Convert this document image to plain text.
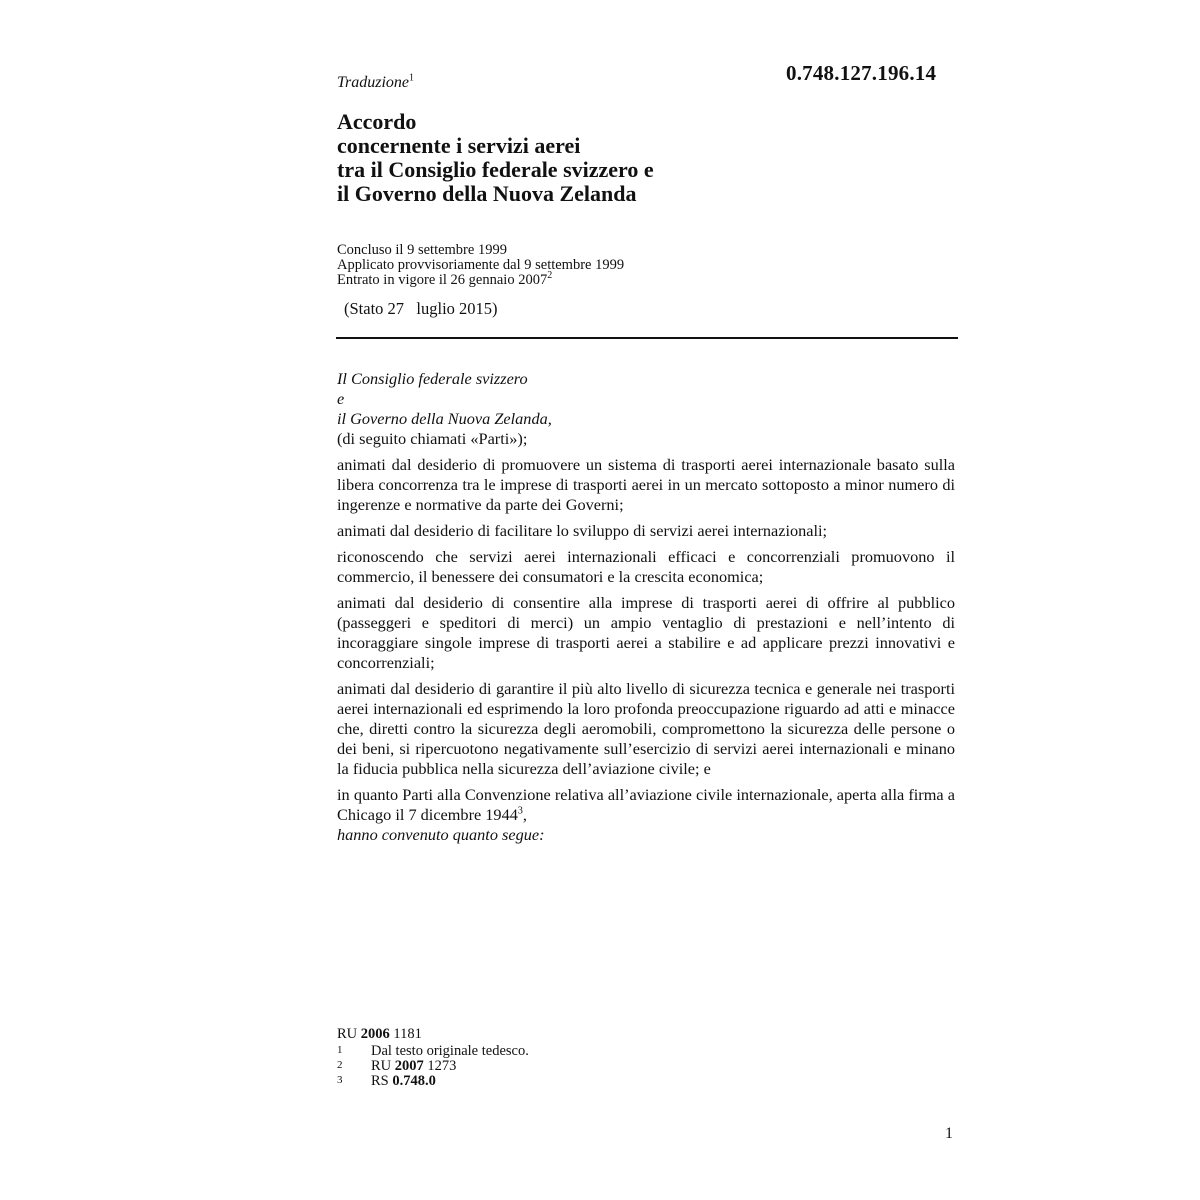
0.748.127.196.14
Traduzione$^1$
Accordo
concernente i servizi aerei
tra il Consiglio federale svizzero e
il Governo della Nuova Zelanda
Concluso il 9 settembre 1999
Applicato provvisoriamente dal 9 settembre 1999
Entrato in vigore il 26 gennaio 2007$^2$
(Stato 27   luglio 2015)
Il Consiglio federale svizzero
e
il Governo della Nuova Zelanda,

(di seguito chiamati «Parti»);

animati dal desiderio di promuovere un sistema di trasporti aerei internazionale basato sulla libera concorrenza tra le imprese di trasporti aerei in un mercato sottoposto a minor numero di ingerenze e normative da parte dei Governi;

animati dal desiderio di facilitare lo sviluppo di servizi aerei internazionali;

riconoscendo che servizi aerei internazionali efficaci e concorrenziali promuovono il commercio, il benessere dei consumatori e la crescita economica;

animati dal desiderio di consentire alla imprese di trasporti aerei di offrire al pubblico (passeggeri e speditori di merci) un ampio ventaglio di prestazioni e nell’intento di incoraggiare singole imprese di trasporti aerei a stabilire e ad applicare prezzi innovativi e concorrenziali;

animati dal desiderio di garantire il più alto livello di sicurezza tecnica e generale nei trasporti aerei internazionali ed esprimendo la loro profonda preoccupazione riguardo ad atti e minacce che, diretti contro la sicurezza degli aeromobili, compromettono la sicurezza delle persone o dei beni, si ripercuotono negativamente sull’esercizio di servizi aerei internazionali e minano la fiducia pubblica nella sicurezza dell’aviazione civile; e

in quanto Parti alla Convenzione relativa all’aviazione civile internazionale, aperta alla firma a Chicago il 7 dicembre 1944$^3$,

hanno convenuto quanto segue:
RU 2006 1181
1	Dal testo originale tedesco.
2	RU 2007 1273
3	RS 0.748.0
1
